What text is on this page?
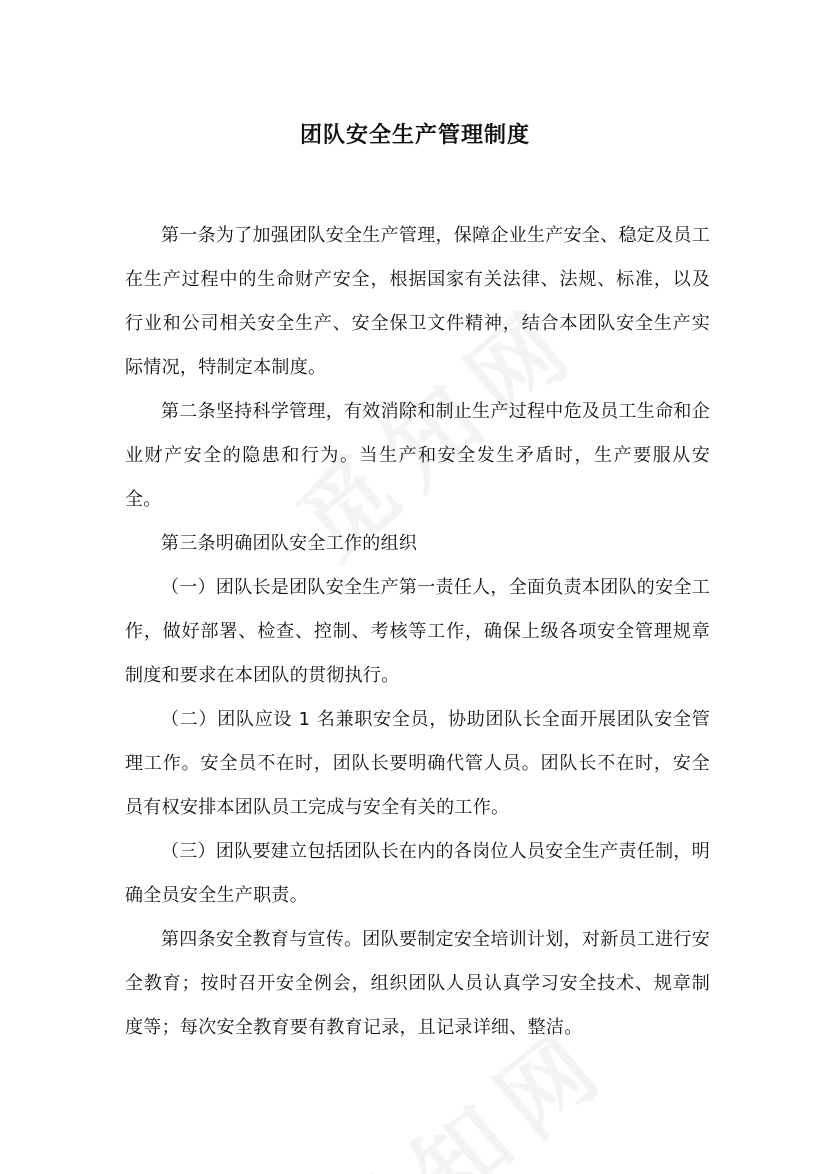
团队安全生产管理制度

第一条为了加强团队安全生产管理，保障企业生产安全、稳定及员工在生产过程中的生命财产安全，根据国家有关法律、法规、标准，以及行业和公司相关安全生产、安全保卫文件精神，结合本团队安全生产实际情况，特制定本制度。

第二条坚持科学管理，有效消除和制止生产过程中危及员工生命和企业财产安全的隐患和行为。当生产和安全发生矛盾时，生产要服从安全。

第三条明确团队安全工作的组织

（一）团队长是团队安全生产第一责任人，全面负责本团队的安全工作，做好部署、检查、控制、考核等工作，确保上级各项安全管理规章制度和要求在本团队的贯彻执行。

（二）团队应设 1 名兼职安全员，协助团队长全面开展团队安全管理工作。安全员不在时，团队长要明确代管人员。团队长不在时，安全员有权安排本团队员工完成与安全有关的工作。

（三）团队要建立包括团队长在内的各岗位人员安全生产责任制，明确全员安全生产职责。

第四条安全教育与宣传。团队要制定安全培训计划，对新员工进行安全教育；按时召开安全例会，组织团队人员认真学习安全技术、规章制度等；每次安全教育要有教育记录，且记录详细、整洁。
